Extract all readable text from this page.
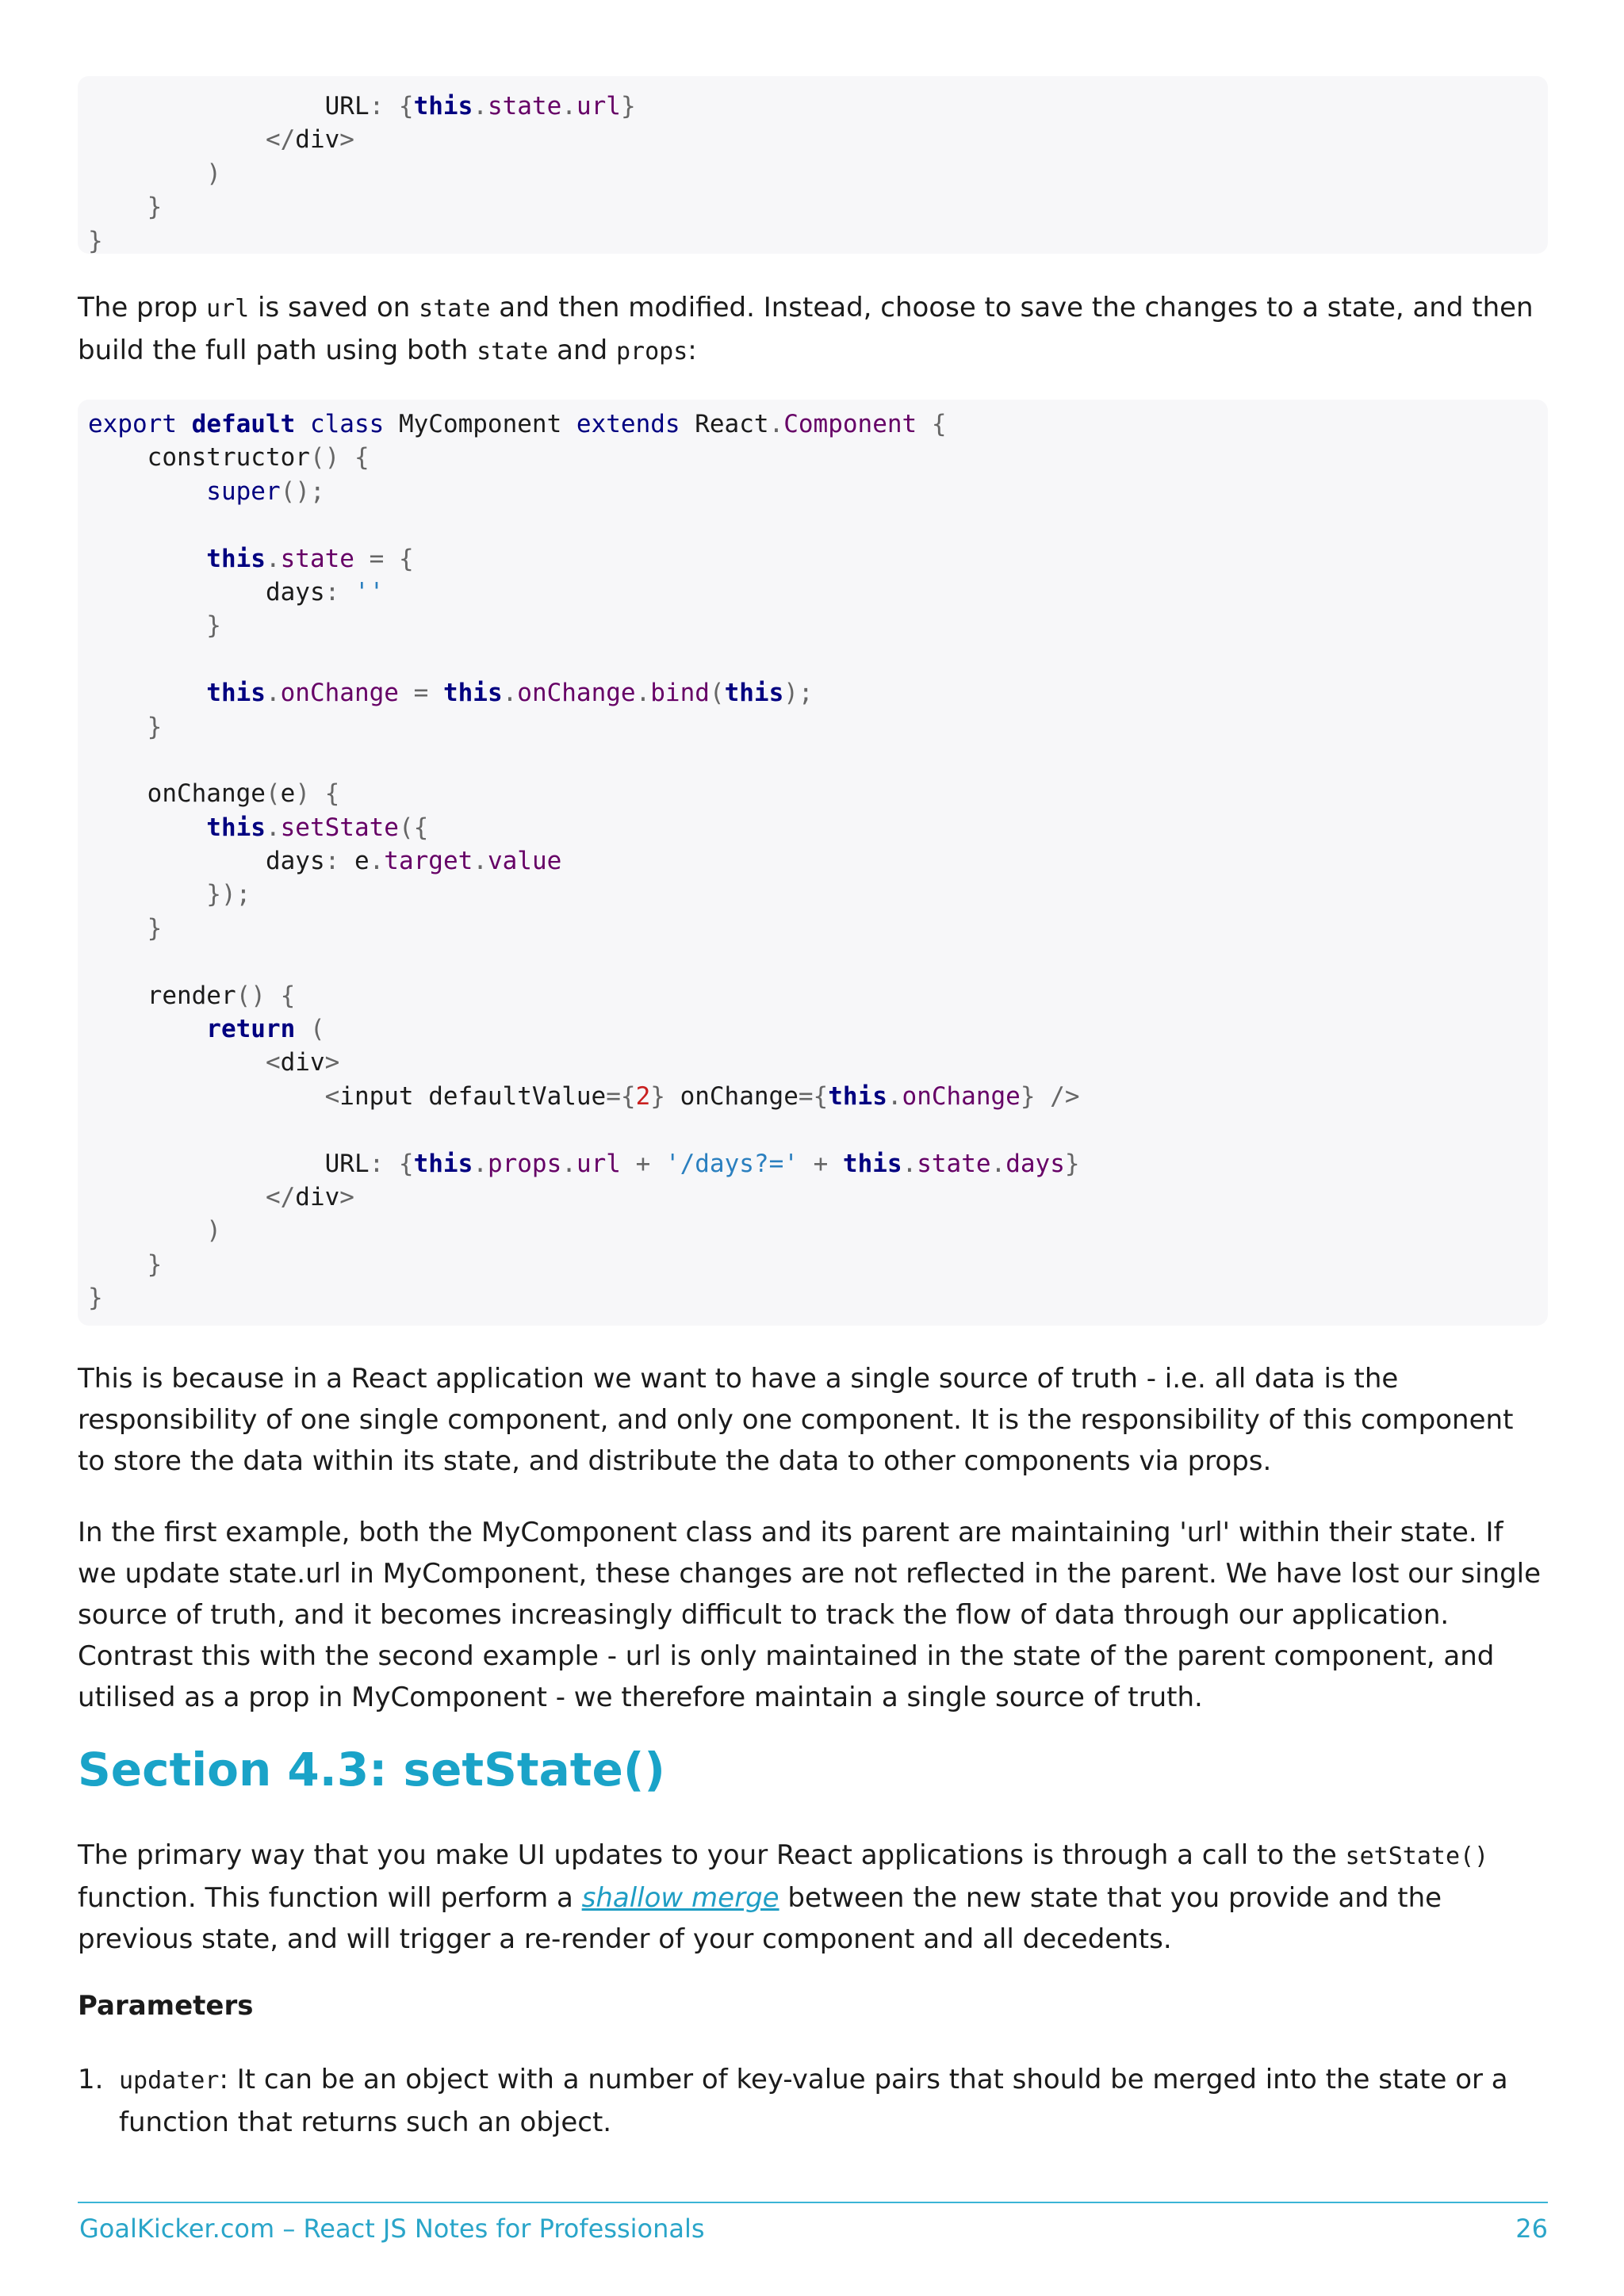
URL: {this.state.url}
</div>
)
}
}

The prop url is saved on state and then modified. Instead, choose to save the changes to a state, and then build the full path using both state and props:

export default class MyComponent extends React.Component {
constructor() {
super();
this.state = {
days: ''
}
this.onChange = this.onChange.bind(this);
}
onChange(e) {
this.setState({
days: e.target.value
});
}
render() {
return (
<div>
<input defaultValue={2} onChange={this.onChange} />
URL: {this.props.url + '/days?=' + this.state.days}
</div>
)
}
}

This is because in a React application we want to have a single source of truth - i.e. all data is the responsibility of one single component, and only one component. It is the responsibility of this component to store the data within its state, and distribute the data to other components via props.

In the first example, both the MyComponent class and its parent are maintaining 'url' within their state. If we update state.url in MyComponent, these changes are not reflected in the parent. We have lost our single source of truth, and it becomes increasingly difficult to track the flow of data through our application. Contrast this with the second example - url is only maintained in the state of the parent component, and utilised as a prop in MyComponent - we therefore maintain a single source of truth.

Section 4.3: setState()

The primary way that you make UI updates to your React applications is through a call to the setState() function. This function will perform a shallow merge between the new state that you provide and the previous state, and will trigger a re-render of your component and all decedents.

Parameters
1. updater: It can be an object with a number of key-value pairs that should be merged into the state or a function that returns such an object.
GoalKicker.com – React JS Notes for Professionals	26
